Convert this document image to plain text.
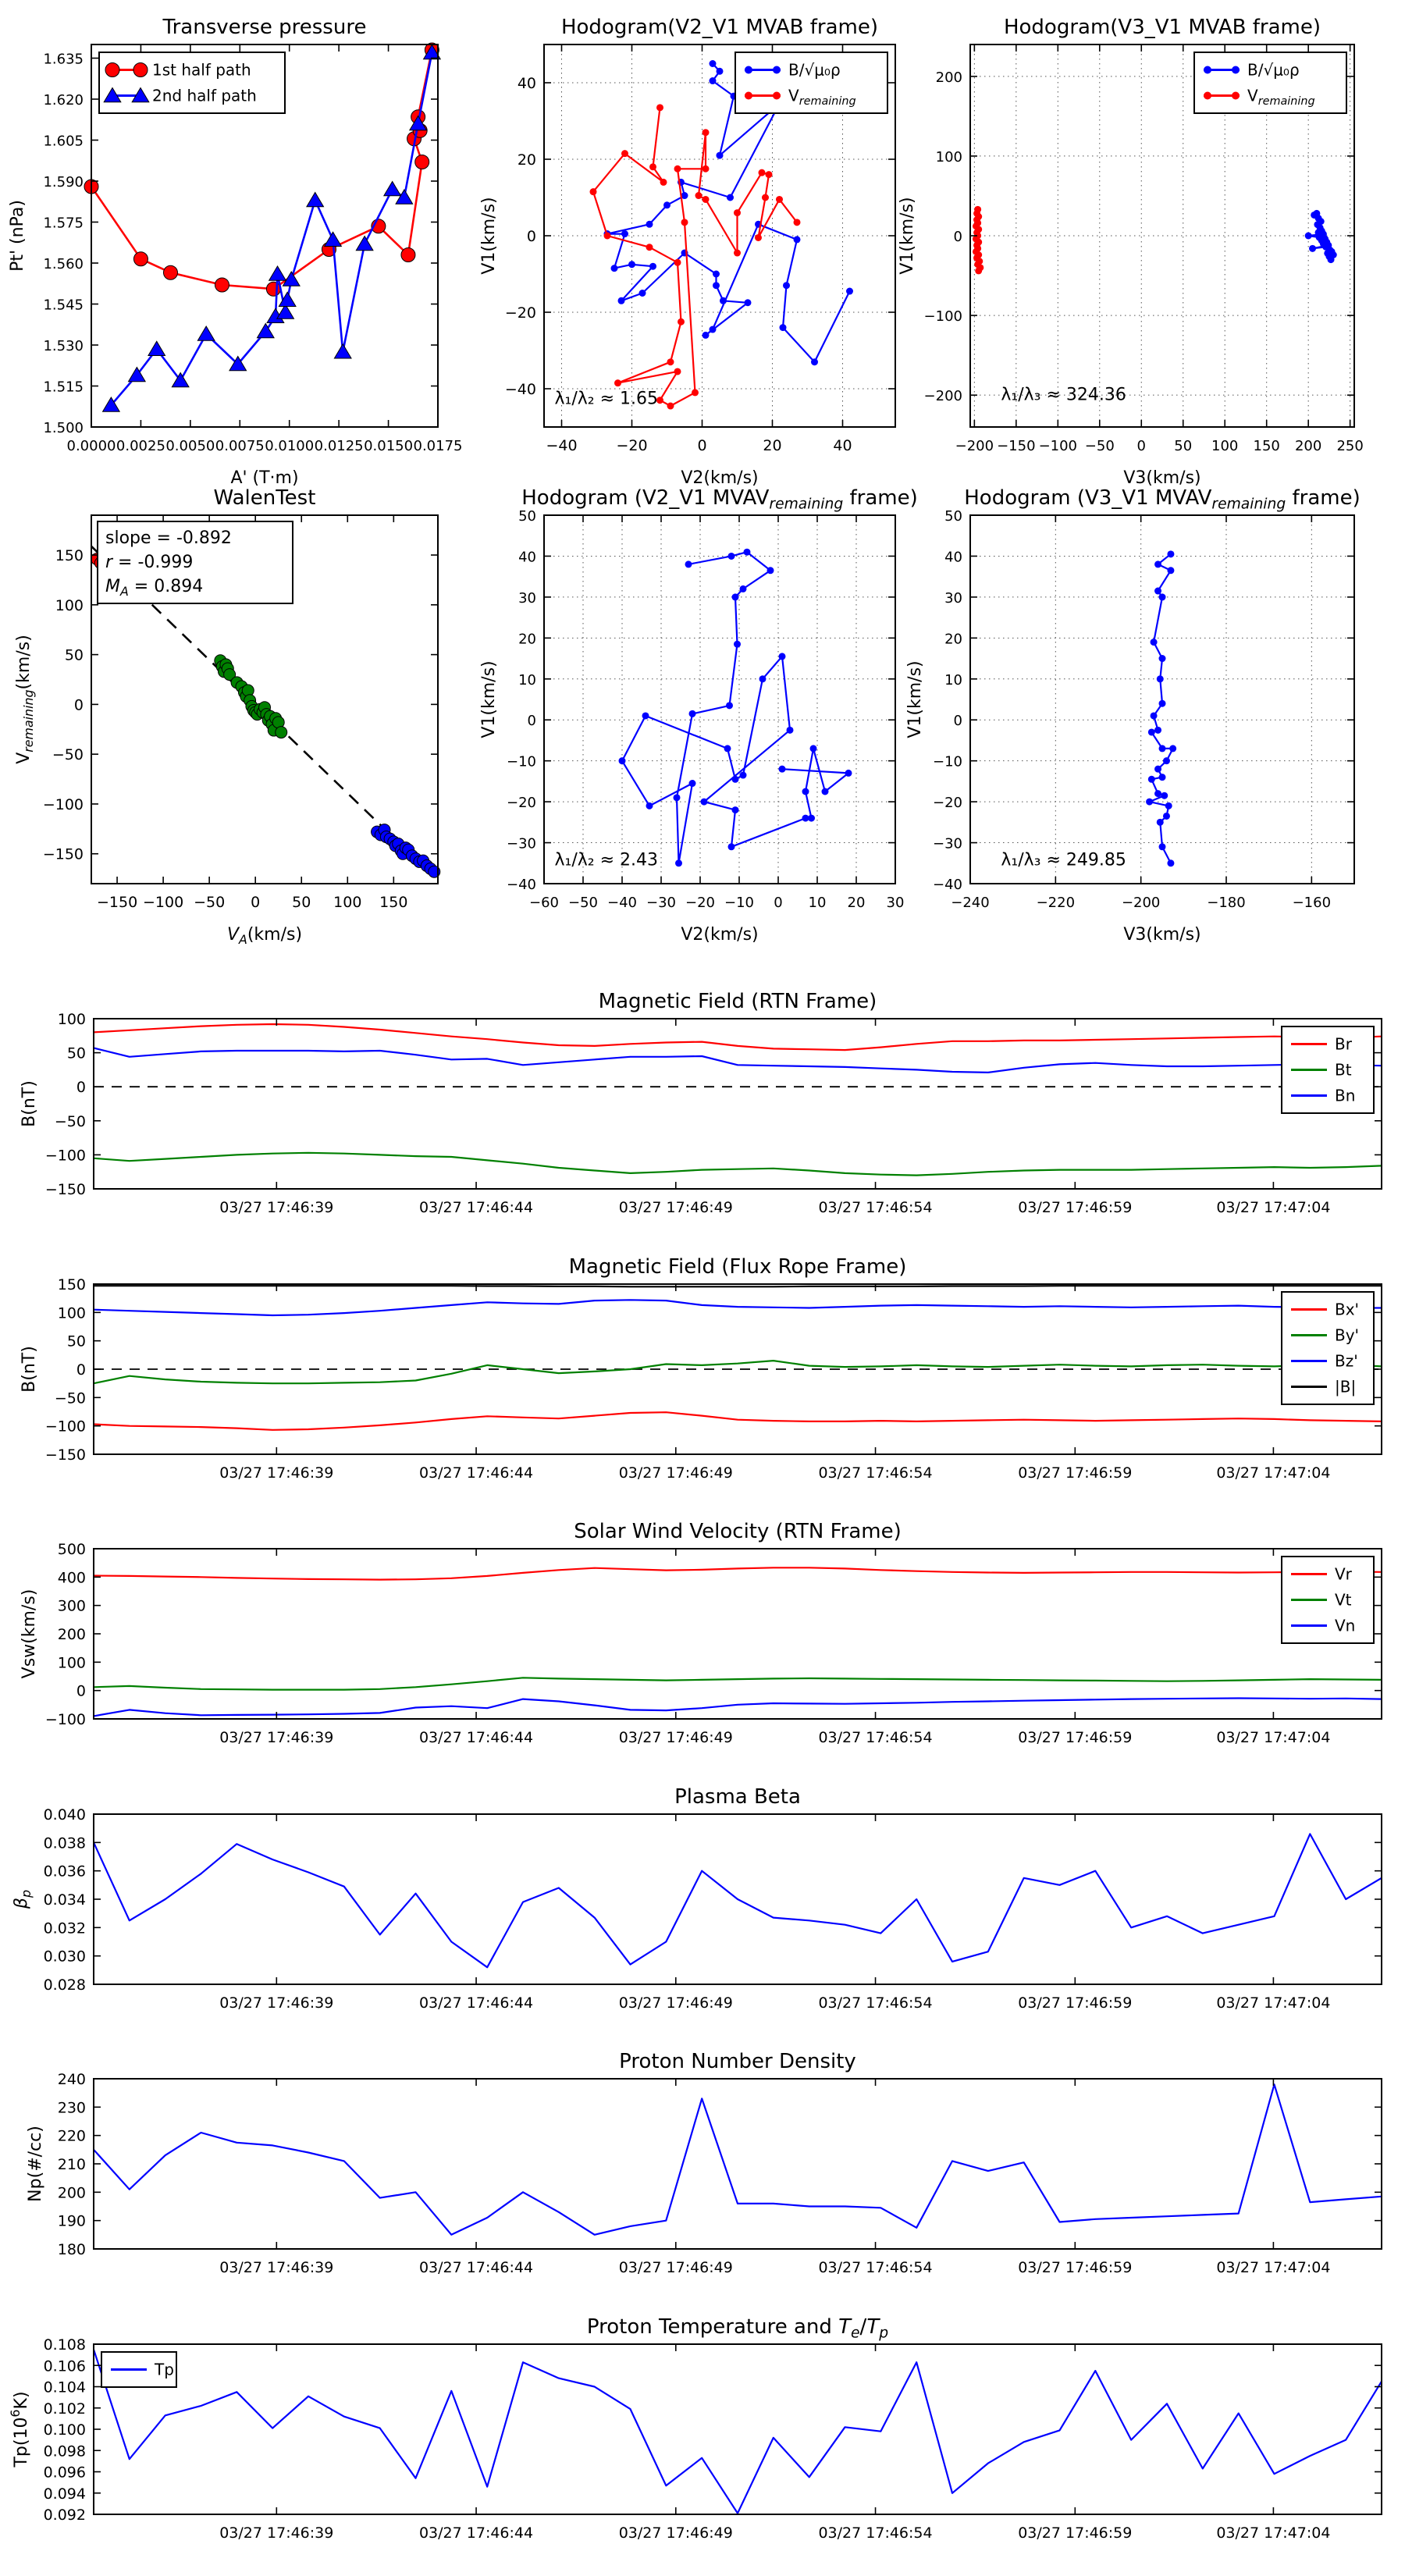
0.0000 0.0025 0.0050 0.0075 0.0100 0.0125 0.0150 0.0175
1.500
1.515
1.530
1.545
1.560
1.575
1.590
1.605
1.620
1.635
Transverse pressure
A' (T·m)
Pt' (nPa)
1st half path
2nd half path
−40	−20	0	20	40
−40
−20
0
20
40
Hodogram(V2_V1 MVAB frame)
V2(km/s)
V1(km/s)
B/√μ₀ρ
$V_{remaining}$
λ₁/λ₂ ≈ 1.65
−200 −150 −100 −50 0 50 100 150 200 250
−200
−100
0
100
200
Hodogram(V3_V1 MVAB frame)
V3(km/s)
V1(km/s)
B/√μ₀ρ
$V_{remaining}$
λ₁/λ₃ ≈ 324.36
−150 −100 −50 0 50 100 150
−150
−100
−50
0
50
100
150
WalenTest
$V_A(km/s)$
$V_{remaining}(km/s)$
slope = -0.892
r = -0.999
$M_A = 0.894$
−60 −50 −40 −30 −20 −10 0 10 20 30
−40
−30
−20
−10
0
10
20
30
40
50
Hodogram (V2_V1 $MVAV_{remaining}$ frame)
V2(km/s)
V1(km/s)
λ₁/λ₂ ≈ 2.43
−240	−220	−200	−180	−160
−40
−30
−20
−10
0
10
20
30
40
50
Hodogram (V3_V1 $MVAV_{remaining}$ frame)
V3(km/s)
V1(km/s)
λ₁/λ₃ ≈ 249.85
03/27 17:46:39	03/27 17:46:44	03/27 17:46:49	03/27 17:46:54	03/27 17:46:59	03/27 17:47:04
−150
−100
−50
0
50
100
Magnetic Field (RTN Frame)
B(nT)
Br
Bt
Bn
03/27 17:46:39	03/27 17:46:44	03/27 17:46:49	03/27 17:46:54	03/27 17:46:59	03/27 17:47:04
−150
−100
−50
0
50
100
150
Magnetic Field (Flux Rope Frame)
B(nT)
Bx'
By'
Bz'
|B|
03/27 17:46:39	03/27 17:46:44	03/27 17:46:49	03/27 17:46:54	03/27 17:46:59	03/27 17:47:04
−100
0
100
200
300
400
500
Solar Wind Velocity (RTN Frame)
Vsw(km/s)
Vr
Vt
Vn
03/27 17:46:39	03/27 17:46:44	03/27 17:46:49	03/27 17:46:54	03/27 17:46:59	03/27 17:47:04
0.028
0.030
0.032
0.034
0.036
0.038
0.040
Plasma Beta
$\beta_p$
03/27 17:46:39	03/27 17:46:44	03/27 17:46:49	03/27 17:46:54	03/27 17:46:59	03/27 17:47:04
180
190
200
210
220
230
240
Proton Number Density
Np(#/cc)
03/27 17:46:39	03/27 17:46:44	03/27 17:46:49	03/27 17:46:54	03/27 17:46:59	03/27 17:47:04
0.092
0.094
0.096
0.098
0.100
0.102
0.104
0.106
0.108
Proton Temperature and $T_e/T_p$
$Tp(10^6K)$
Tp
